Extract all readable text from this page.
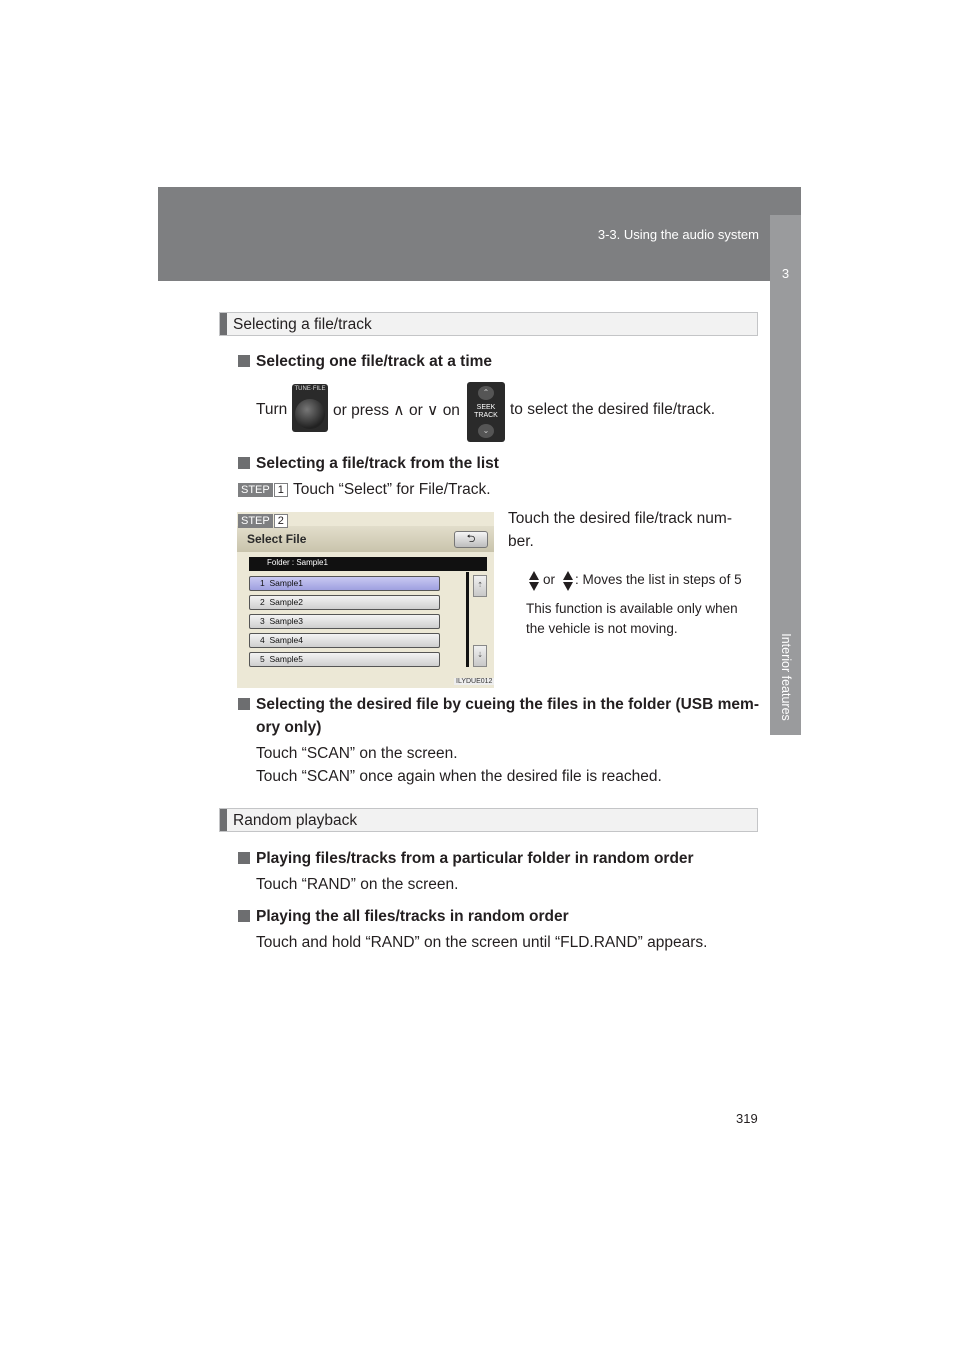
3-3. Using the audio system
3
Interior features
Selecting a file/track
Selecting one file/track at a time
Turn
TUNE·FILE
or press ∧ or ∨ on
⌃
SEEK
TRACK
⌄
to select the desired file/track.
Selecting a file/track from the list
STEP 1 Touch “Select” for File/Track.
Select File	⮌
Folder : Sample1
1 Sample1
2 Sample2
3 Sample3
4 Sample4
5 Sample5
⇡
⇣
ILYDUE012
STEP 2	Touch the desired file/track num-
ber.
or : Moves the list in steps of 5
This function is available only when
the vehicle is not moving.
Selecting the desired file by cueing the files in the folder (USB mem-
ory only)
Touch “SCAN” on the screen.
Touch “SCAN” once again when the desired file is reached.
Random playback
Playing files/tracks from a particular folder in random order
Touch “RAND” on the screen.
Playing the all files/tracks in random order
Touch and hold “RAND” on the screen until “FLD.RAND” appears.
319
